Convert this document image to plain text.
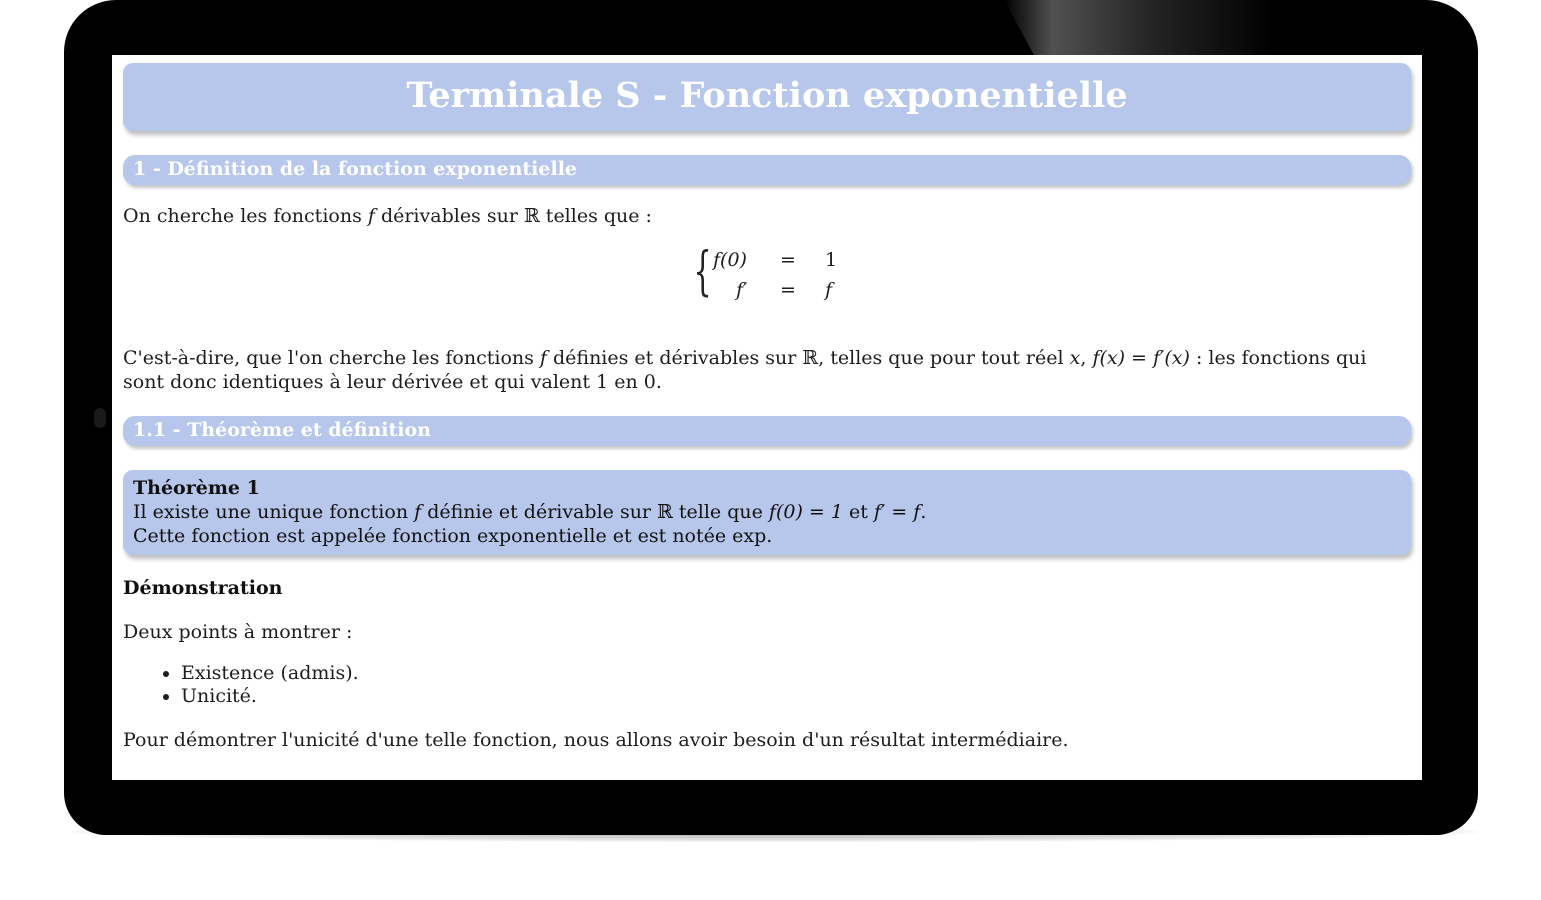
Terminale S - Fonction exponentielle
1 - Définition de la fonction exponentielle
On cherche les fonctions f dérivables sur ℝ telles que :
{ f(0) = 1
f′ = f
C'est-à-dire, que l'on cherche les fonctions f définies et dérivables sur ℝ, telles que pour tout réel x, f(x) = f′(x) : les fonctions qui sont donc identiques à leur dérivée et qui valent 1 en 0.
1.1 - Théorème et définition
Théorème 1
Il existe une unique fonction f définie et dérivable sur ℝ telle que f(0) = 1 et f′ = f.
Cette fonction est appelée fonction exponentielle et est notée exp.
Démonstration
Deux points à montrer :
• Existence (admis).
• Unicité.
Pour démontrer l'unicité d'une telle fonction, nous allons avoir besoin d'un résultat intermédiaire.
